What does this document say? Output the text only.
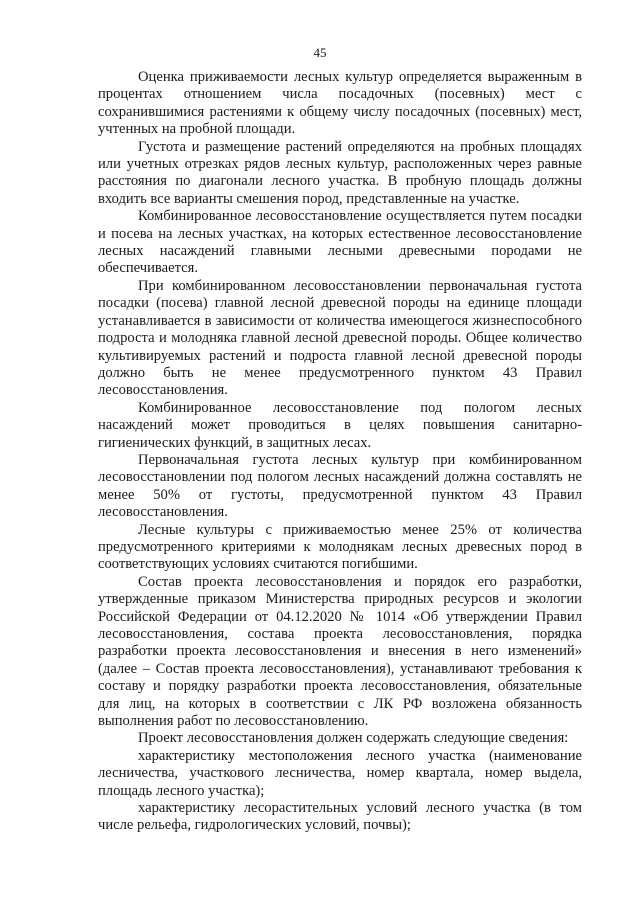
45

Оценка приживаемости лесных культур определяется выраженным в процентах отношением числа посадочных (посевных) мест с сохранившимися растениями к общему числу посадочных (посевных) мест, учтенных на пробной площади.

Густота и размещение растений определяются на пробных площадях или учетных отрезках рядов лесных культур, расположенных через равные расстояния по диагонали лесного участка. В пробную площадь должны входить все варианты смешения пород, представленные на участке.

Комбинированное лесовосстановление осуществляется путем посадки и посева на лесных участках, на которых естественное лесовосстановление лесных насаждений главными лесными древесными породами не обеспечивается.

При комбинированном лесовосстановлении первоначальная густота посадки (посева) главной лесной древесной породы на единице площади устанавливается в зависимости от количества имеющегося жизнеспособного подроста и молодняка главной лесной древесной породы. Общее количество культивируемых растений и подроста главной лесной древесной породы должно быть не менее предусмотренного пунктом 43 Правил лесовосстановления.

Комбинированное лесовосстановление под пологом лесных насаждений может проводиться в целях повышения санитарно-гигиенических функций, в защитных лесах.

Первоначальная густота лесных культур при комбинированном лесовосстановлении под пологом лесных насаждений должна составлять не менее 50% от густоты, предусмотренной пунктом 43 Правил лесовосстановления.

Лесные культуры с приживаемостью менее 25% от количества предусмотренного критериями к молоднякам лесных древесных пород в соответствующих условиях считаются погибшими.

Состав проекта лесовосстановления и порядок его разработки, утвержденные приказом Министерства природных ресурсов и экологии Российской Федерации от 04.12.2020 № 1014 «Об утверждении Правил лесовосстановления, состава проекта лесовосстановления, порядка разработки проекта лесовосстановления и внесения в него изменений» (далее – Состав проекта лесовосстановления), устанавливают требования к составу и порядку разработки проекта лесовосстановления, обязательные для лиц, на которых в соответствии с ЛК РФ возложена обязанность выполнения работ по лесовосстановлению.

Проект лесовосстановления должен содержать следующие сведения:

характеристику местоположения лесного участка (наименование лесничества, участкового лесничества, номер квартала, номер выдела, площадь лесного участка);

характеристику лесорастительных условий лесного участка (в том числе рельефа, гидрологических условий, почвы);
